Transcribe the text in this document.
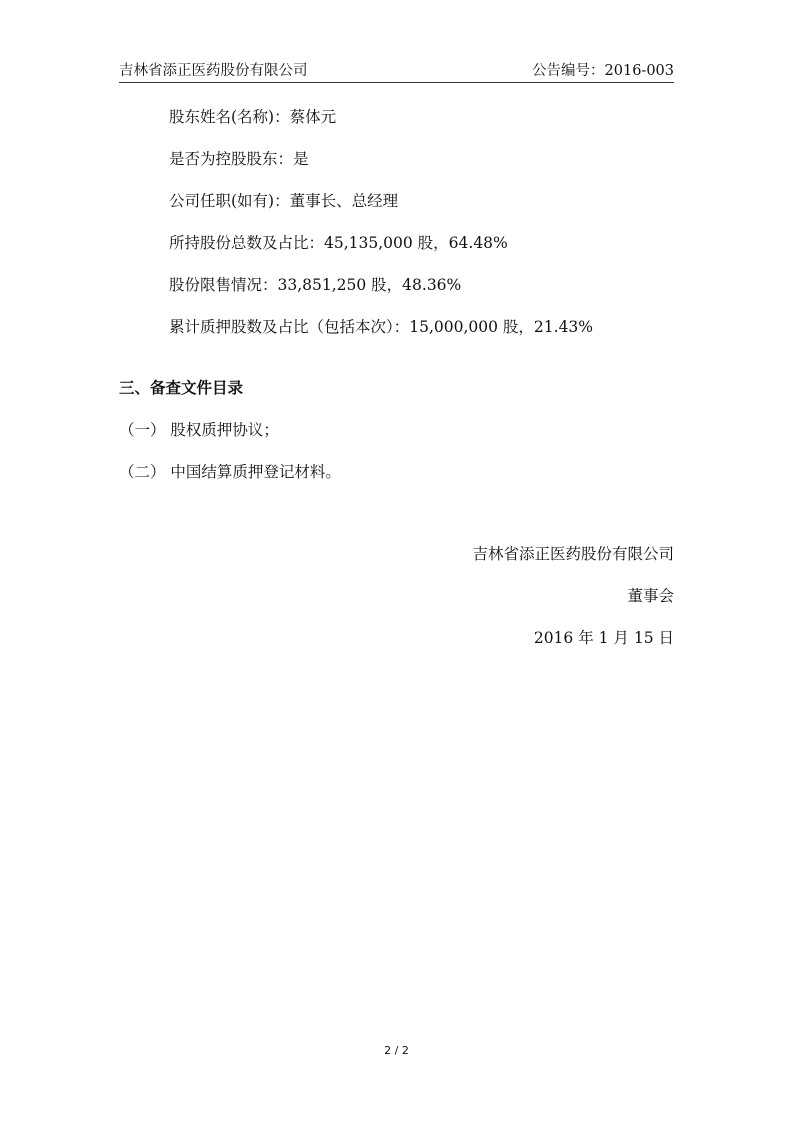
吉林省添正医药股份有限公司	公告编号：2016-003
股东姓名(名称)：蔡体元
是否为控股股东：是
公司任职(如有)：董事长、总经理
所持股份总数及占比：45,135,000 股，64.48%
股份限售情况：33,851,250 股，48.36%
累计质押股数及占比（包括本次）：15,000,000 股，21.43%
三、备查文件目录
（一） 股权质押协议；
（二） 中国结算质押登记材料。
吉林省添正医药股份有限公司
董事会
2016 年 1 月 15 日
2 / 2
